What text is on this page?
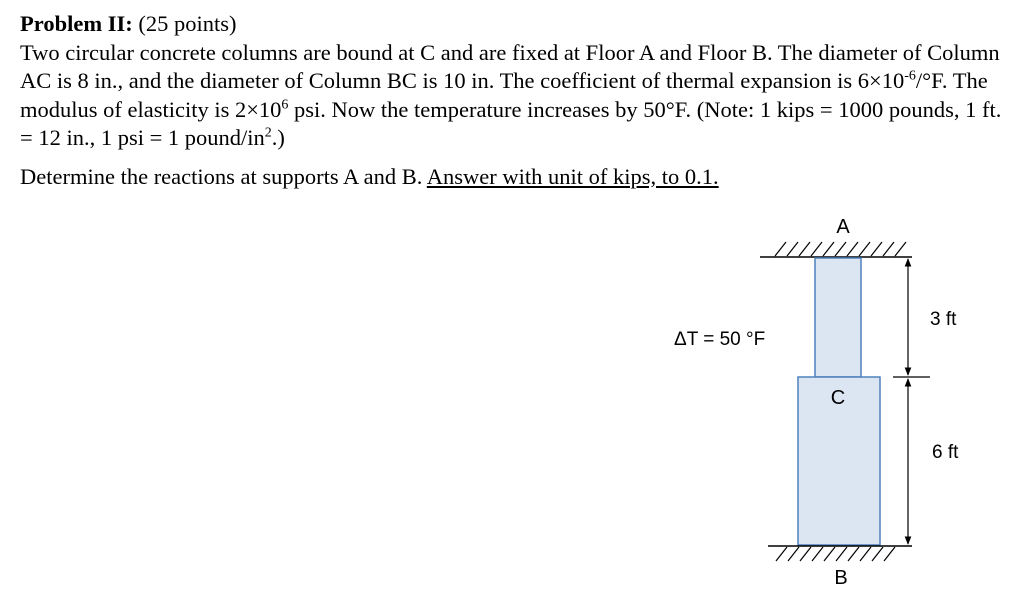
Problem II: (25 points)

Two circular concrete columns are bound at C and are fixed at Floor A and Floor B. The diameter of Column AC is 8 in., and the diameter of Column BC is 10 in. The coefficient of thermal expansion is $6\times 10^{-6}/^\circ F$. The modulus of elasticity is $2\times 10^6$ psi. Now the temperature increases by 50°F. (Note: 1 kips = 1000 pounds, 1 ft. = 12 in., 1 psi = 1 pound/$in^2$.)

Determine the reactions at supports A and B. Answer with unit of kips, to 0.1.

A
C
B
ΔT = 50 °F
3 ft
6 ft
